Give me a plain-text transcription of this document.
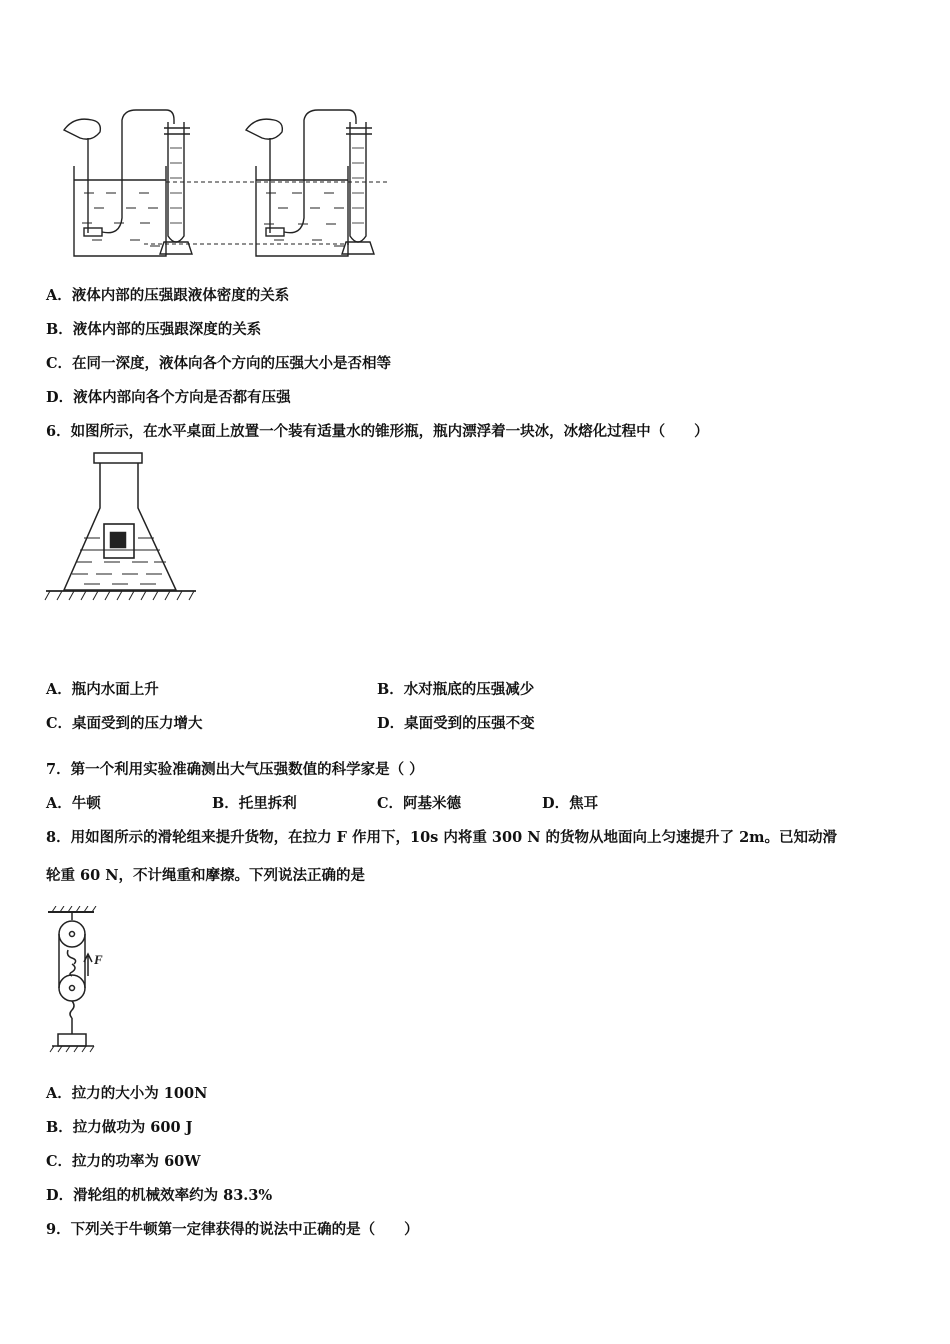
A．液体内部的压强跟液体密度的关系
B．液体内部的压强跟深度的关系
C．在同一深度，液体向各个方向的压强大小是否相等
D．液体内部向各个方向是否都有压强
6．如图所示，在水平桌面上放置一个装有适量水的锥形瓶，瓶内漂浮着一块冰，冰熔化过程中（　　）
A．瓶内水面上升	B．水对瓶底的压强减少
C．桌面受到的压力增大	D．桌面受到的压强不变
7．第一个利用实验准确测出大气压强数值的科学家是（ ）
A．牛顿	B．托里拆利	C．阿基米德	D．焦耳
8．用如图所示的滑轮组来提升货物，在拉力 F 作用下，10s 内将重 300 N 的货物从地面向上匀速提升了 2m。已知动滑
轮重 60 N，不计绳重和摩擦。下列说法正确的是
F
A．拉力的大小为 100N
B．拉力做功为 600 J
C．拉力的功率为 60W
D．滑轮组的机械效率约为 83.3%
9．下列关于牛顿第一定律获得的说法中正确的是（　　）
